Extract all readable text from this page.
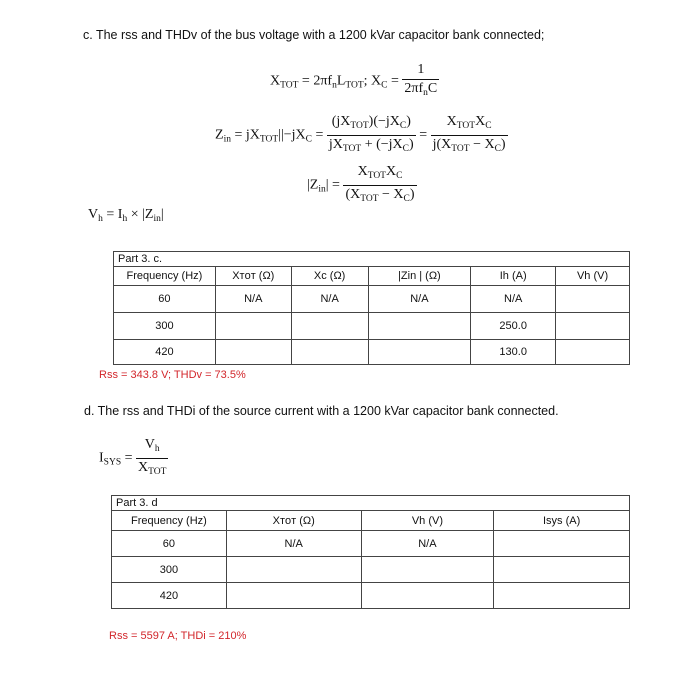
c. The rss and THDv of the bus voltage with a 1200 kVar capacitor bank connected;
$X_{TOT} = 2\pi f_nL_{TOT}$; $X_C = \frac{1}{2\pi f_nC}$
$Z_{in} = jX_{TOT}||-jX_C = \frac{(jX_{TOT})(-jX_C)}{jX_{TOT} + (-jX_C)} = \frac{X_{TOT}X_C}{j(X_{TOT} - X_C)}$
$|Z_{in}| = \frac{X_{TOT}X_C}{(X_{TOT} - X_C)}$
$V_h = I_h \times |Z_{in}|$
Part 3. c.					
Frequency (Hz)	Xᴛᴏᴛ (Ω)	Xc (Ω)	|Zin | (Ω)	Ih (A)	Vh (V)
60	N/A	N/A	N/A	N/A	
300				250.0	
420				130.0	
Rss = 343.8 V; THDv = 73.5%
d. The rss and THDi of the source current with a 1200 kVar capacitor bank connected.
$I_{SYS} = \frac{V_h}{X_{TOT}}$
Part 3. d			
Frequency (Hz)	Xᴛᴏᴛ (Ω)	Vh (V)	Isys (A)
60	N/A	N/A	
300			
420			
Rss = 5597 A; THDi = 210%
